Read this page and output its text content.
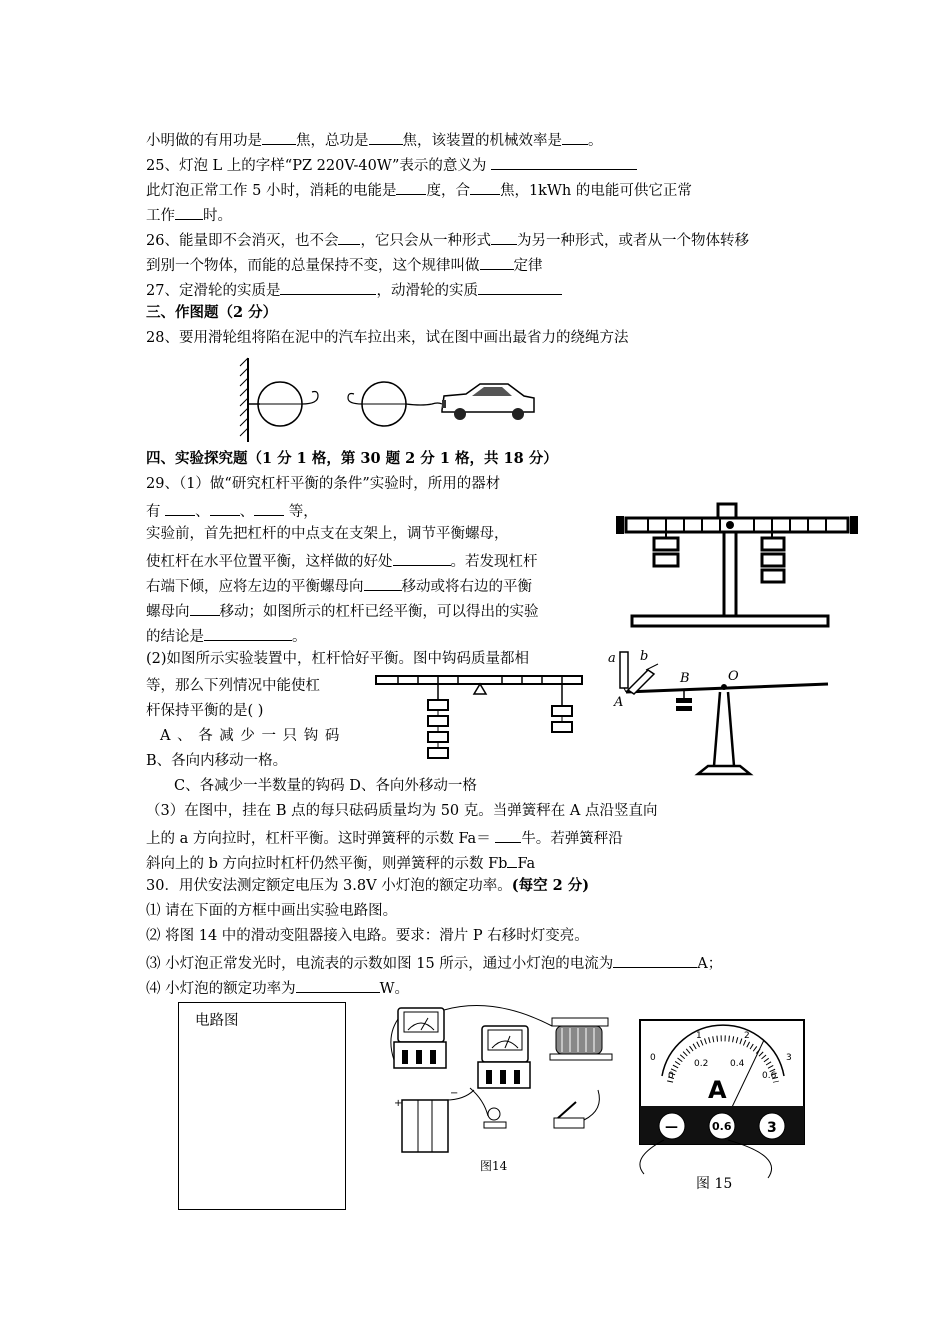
小明做的有用功是 焦，总功是 焦，该装置的机械效率是 。
25、灯泡 L 上的字样“PZ 220V-40W”表示的意义为
此灯泡正常工作 5 小时，消耗的电能是 度，合 焦，1kWh 的电能可供它正常
工作 时。
26、能量即不会消灭，也不会 ，它只会从一种形式 为另一种形式，或者从一个物体转移
到别一个物体，而能的总量保持不变，这个规律叫做 定律
27、定滑轮的实质是	，动滑轮的实质
三、作图题（2 分）
28、要用滑轮组将陷在泥中的汽车拉出来，试在图中画出最省力的绕绳方法
四、实验探究题（1 分 1 格，第 30 题 2 分 1 格，共 18 分）
29、（1）做“研究杠杆平衡的条件”实验时，所用的器材
有 、 、 等，
实验前，首先把杠杆的中点支在支架上，调节平衡螺母，
使杠杆在水平位置平衡，这样做的好处	。若发现杠杆
右端下倾，应将左边的平衡螺母向	移动或将右边的平衡
螺母向 移动；如图所示的杠杆已经平衡，可以得出的实验
的结论是	。
(2)如图所示实验装置中，杠杆恰好平衡。图中钩码质量都相
等，那么下列情况中能使杠
杆保持平衡的是( )
A 、 各 减 少 一 只 钩 码
B、各向内移动一格。
C、各减少一半数量的钩码 D、各向外移动一格
a b
B	O
A
（3）在图中，挂在 B 点的每只砝码质量均为 50 克。当弹簧秤在 A 点沿竖直向
上的 a 方向拉时，杠杆平衡。这时弹簧秤的示数 Fa＝ 牛。若弹簧秤沿
斜向上的 b 方向拉时杠杆仍然平衡，则弹簧秤的示数 Fb Fa
30．用伏安法测定额定电压为 3.8V 小灯泡的额定功率。(每空 2 分)
⑴ 请在下面的方框中画出实验电路图。
⑵ 将图 14 中的滑动变阻器接入电路。要求：滑片 P 右移时灯变亮。
⑶ 小灯泡正常发光时，电流表的示数如图 15 所示，通过小灯泡的电流为	A；
⑷ 小灯泡的额定功率为	W。
电路图
+
−
图14
A
0
1	2
3
0
0.2 0.4
0.6
—	0.6	3
图 15
